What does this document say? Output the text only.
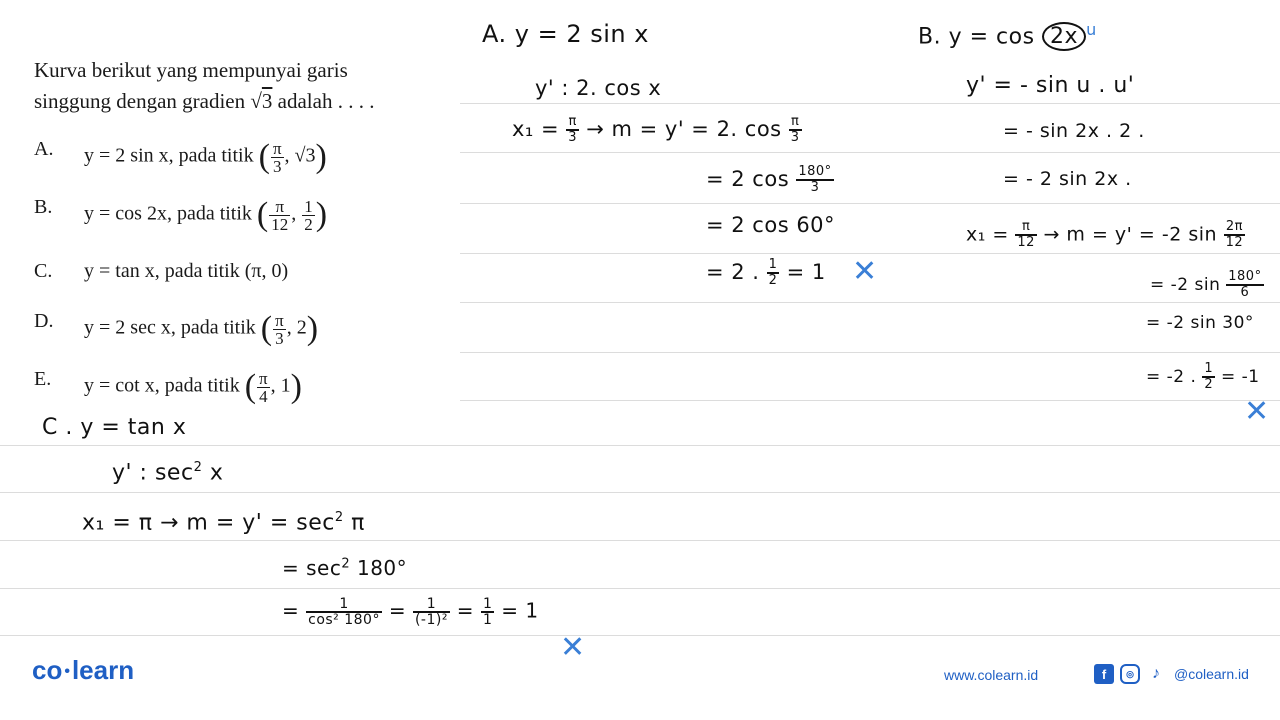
Kurva berikut yang mempunyai garis
singgung dengan gradien √3 adalah . . . .
A.	y = 2 sin x, pada titik ( $\frac{\pi}{3}$ , √3)
B.	y = cos 2x, pada titik ( $\frac{\pi}{12}$ , $\frac{1}{2}$ )
C.	y = tan x, pada titik (π, 0)
D.	y = 2 sec x, pada titik ( $\frac{\pi}{3}$ , 2)
E.	y = cot x, pada titik ( $\frac{\pi}{4}$ , 1)
A. y = 2 sin x
y' : 2. cos x
$x_1 = \frac{\pi}{3} \to m = y' = 2$. $\cos \frac{\pi}{3}$
= 2 $\cos \frac{180^\circ}{3}$
= 2 cos 60°
= 2 . $\frac{1}{2} = 1$ ✕
B. y = cos 2x $^u$
y' = - sin u . u'
= - sin 2x . 2 .
= - 2 sin 2x .
$x_1 = \frac{\pi}{12} \to m = y' = -2$ $\sin \frac{2\pi}{12}$
= -2 $\sin \frac{180^\circ}{6}$
= -2 sin 30°
= -2 . $\frac{1}{2} = -1$
✕
C . y = tan x
y' : $\sec^2 x$
$x_1 = \pi \to m = y' = \sec^2 \pi$
= $\sec^2 180^\circ$
= $\frac{1}{\text{cos² 180°}} = \frac{1}{\text{(-1)²}} = \frac{1}{1} = 1$
✕
co •learn	www.colearn.id	f	◎	♪	@colearn.id
